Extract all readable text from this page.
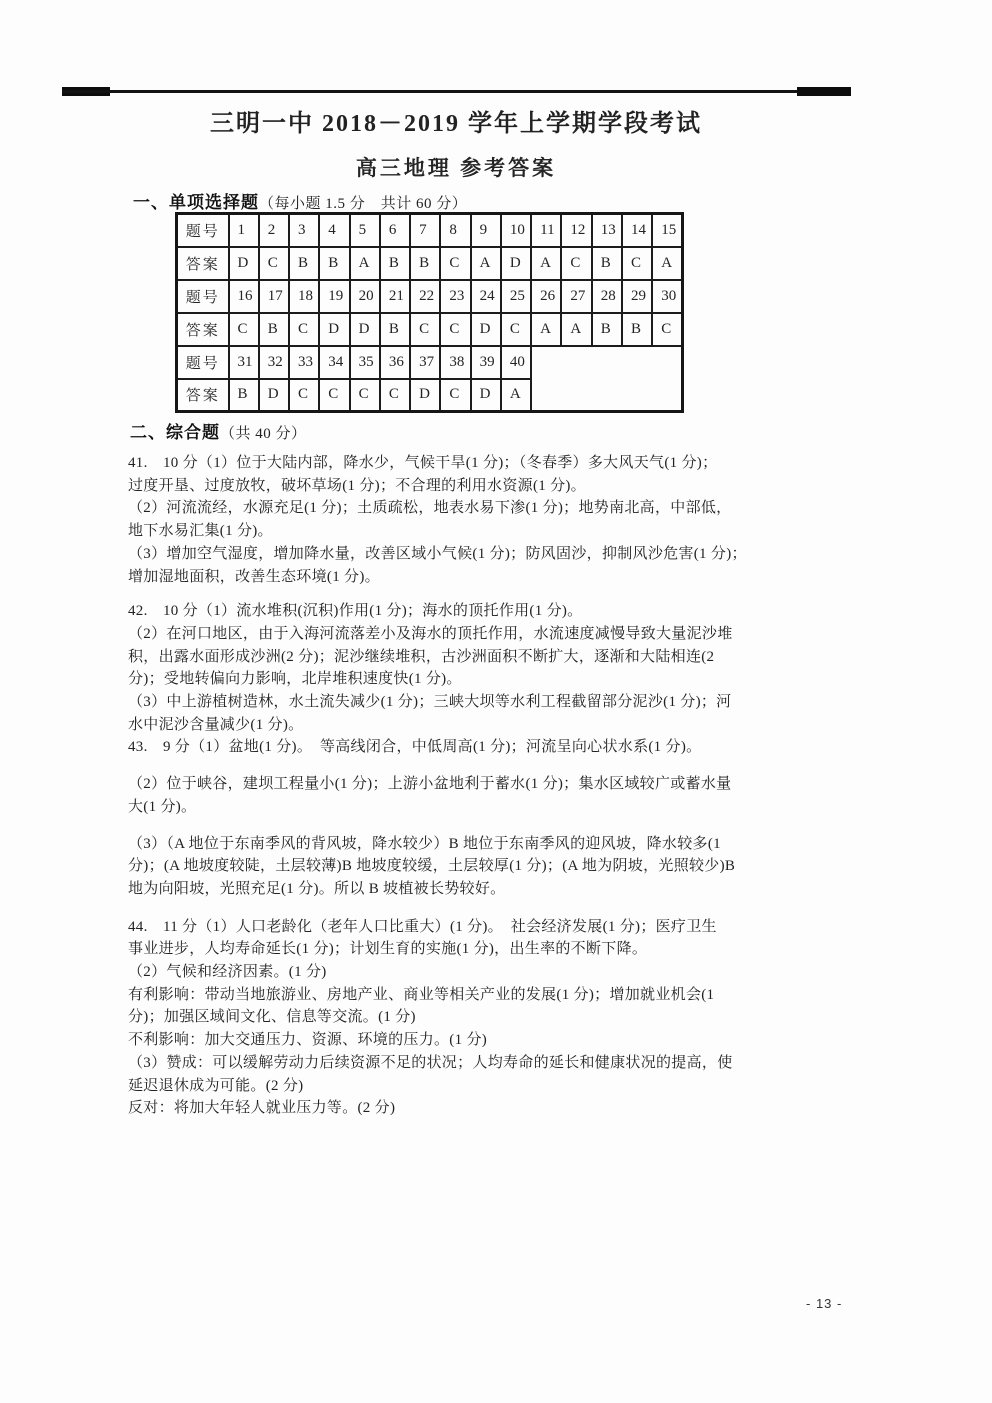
三明一中 2018－2019 学年上学期学段考试
高三地理 参考答案
一、单项选择题（每小题 1.5 分　共计 60 分）
题号	1	2	3	4	5	6	7	8	9	10	11	12	13	14	15
答案	D	C	B	B	A	B	B	C	A	D	A	C	B	C	A
题号	16	17	18	19	20	21	22	23	24	25	26	27	28	29	30
答案	C	B	C	D	D	B	C	C	D	C	A	A	B	B	C
题号	31	32	33	34	35	36	37	38	39	40					
答案	B	D	C	C	C	C	D	C	D	A					
二、综合题（共 40 分）
41.　10 分（1）位于大陆内部，降水少，气候干旱(1 分)；（冬春季）多大风天气(1 分)；
过度开垦、过度放牧，破坏草场(1 分)；不合理的利用水资源(1 分)。
（2）河流流经，水源充足(1 分)；土质疏松，地表水易下渗(1 分)；地势南北高，中部低，
地下水易汇集(1 分)。
（3）增加空气湿度，增加降水量，改善区域小气候(1 分)；防风固沙，抑制风沙危害(1 分)；
增加湿地面积，改善生态环境(1 分)。
42.　10 分（1）流水堆积(沉积)作用(1 分)；海水的顶托作用(1 分)。
（2）在河口地区，由于入海河流落差小及海水的顶托作用，水流速度减慢导致大量泥沙堆
积，出露水面形成沙洲(2 分)；泥沙继续堆积，古沙洲面积不断扩大，逐渐和大陆相连(2
分)；受地转偏向力影响，北岸堆积速度快(1 分)。
（3）中上游植树造林，水土流失减少(1 分)；三峡大坝等水利工程截留部分泥沙(1 分)；河
水中泥沙含量减少(1 分)。
43.　9 分（1）盆地(1 分)。　等高线闭合，中低周高(1 分)；河流呈向心状水系(1 分)。
（2）位于峡谷，建坝工程量小(1 分)；上游小盆地利于蓄水(1 分)；集水区域较广或蓄水量
大(1 分)。
（3）（A 地位于东南季风的背风坡，降水较少）B 地位于东南季风的迎风坡，降水较多(1
分)；(A 地坡度较陡，土层较薄)B 地坡度较缓，土层较厚(1 分)；(A 地为阴坡，光照较少)B
地为向阳坡，光照充足(1 分)。所以 B 坡植被长势较好。
44.　11 分（1）人口老龄化（老年人口比重大）(1 分)。　社会经济发展(1 分)；医疗卫生
事业进步，人均寿命延长(1 分)；计划生育的实施(1 分)，出生率的不断下降。
（2）气候和经济因素。(1 分)
有利影响：带动当地旅游业、房地产业、商业等相关产业的发展(1 分)；增加就业机会(1
分)；加强区域间文化、信息等交流。(1 分)
不利影响：加大交通压力、资源、环境的压力。(1 分)
（3）赞成：可以缓解劳动力后续资源不足的状况；人均寿命的延长和健康状况的提高，使
延迟退休成为可能。(2 分)
反对：将加大年轻人就业压力等。(2 分)
- 13 -
